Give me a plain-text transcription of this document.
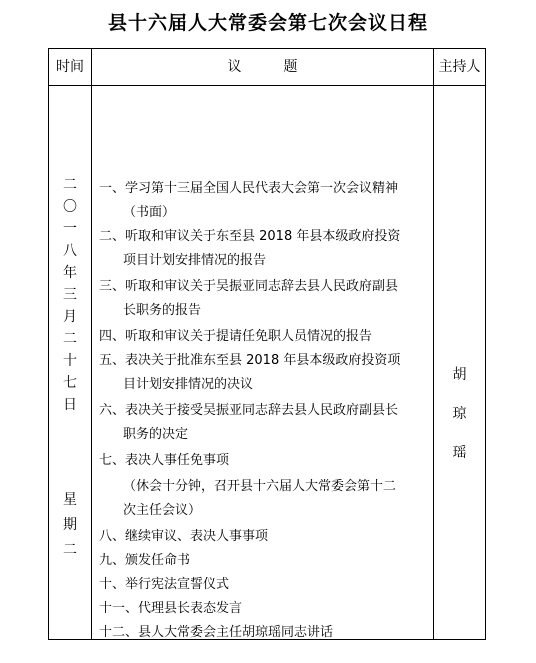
县十六届人大常委会第七次会议日程
时间	议　　　题	主持人
二
〇
一
八
年
三
月
二
十
七
日
星
期
二
一、学习第十三届全国人民代表大会第一次会议精神
（书面）
二、听取和审议关于东至县 2018 年县本级政府投资
项目计划安排情况的报告
三、听取和审议关于吴振亚同志辞去县人民政府副县
长职务的报告
四、听取和审议关于提请任免职人员情况的报告
五、表决关于批准东至县 2018 年县本级政府投资项
目计划安排情况的决议
六、表决关于接受吴振亚同志辞去县人民政府副县长
职务的决定
七、表决人事任免事项
（休会十分钟，召开县十六届人大常委会第十二
次主任会议）
八、继续审议、表决人事事项
九、颁发任命书
十、举行宪法宣誓仪式
十一、代理县长表态发言
十二、县人大常委会主任胡琼瑶同志讲话
胡
琼
瑶
